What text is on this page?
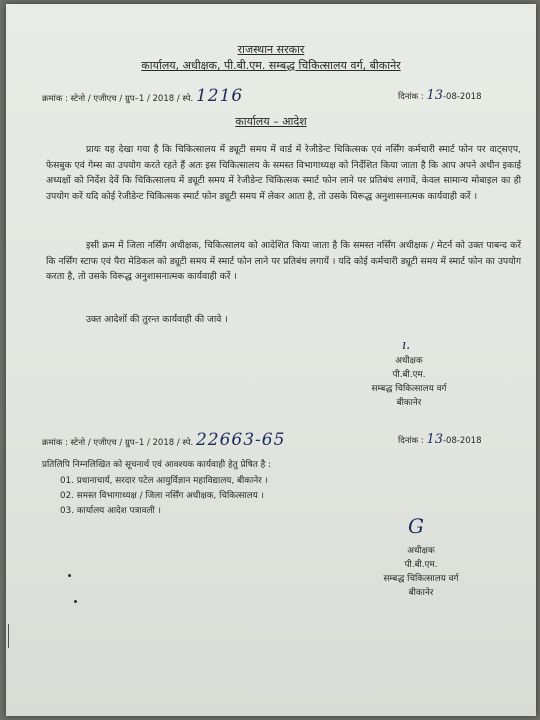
राजस्थान सरकार
कार्यालय, अधीक्षक, पी.बी.एम. सम्बद्ध चिकित्सालय वर्ग, बीकानेर
क्रमांक : स्टेनो / एजीएच / ग्रुप–1 / 2018 / स्पे. 1216	दिनांक : 13-08-2018
कार्यालय – आदेश

प्रायः यह देखा गया है कि चिकित्सालय में ड्यूटी समय में वार्ड में रेजीडेन्ट चिकित्सक एवं नर्सिंग कर्मचारी स्मार्ट फोन पर वाट्सएप, फेसबुक एवं गेम्स का उपयोग करते रहते हैं अतः इस चिकित्सालय के समस्त विभागाध्यक्ष को निर्देशित किया जाता है कि आप अपने अधीन इकाई अध्यक्षों को निर्देश देवें कि चिकित्सालय में ड्यूटी समय में रेजीडेन्ट चिकित्सक स्मार्ट फोन लाने पर प्रतिबंध लगावें, केवल सामान्य मोबाइल का ही उपयोग करें यदि कोई रेजीडेन्ट चिकित्सक स्मार्ट फोन ड्यूटी समय में लेकर आता है, तो उसके विरूद्ध अनुशासनात्मक कार्यवाही करें ।

इसी क्रम में जिला नर्सिंग अधीक्षक, चिकित्सालय को आदेशित किया जाता है कि समस्त नर्सिंग अधीक्षक / मेटर्न को उक्त पाबन्द करें कि नर्सिंग स्टाफ एवं पैरा मेडिकल को ड्यूटी समय में स्मार्ट फोन लाने पर प्रतिबंध लगायें । यदि कोई कर्मचारी ड्यूटी समय में स्मार्ट फोन का उपयोग करता है, तो उसके विरूद्ध अनुशासनात्मक कार्यवाही करें ।

उक्त आदेशों की तुरन्त कार्यवाही की जावे ।

ı.
अधीक्षक
पी.बी.एम.
सम्बद्ध चिकित्सालय वर्ग
बीकानेर
क्रमांक : स्टेनो / एजीएच / ग्रुप–1 / 2018 / स्पे. 22663-65	दिनांक : 13-08-2018
प्रतिलिपि निम्नलिखित को सूचनार्थ एवं आवश्यक कार्यवाही हेतु प्रेषित है :
01. प्रधानाचार्य, सरदार पटेल आयुर्विज्ञान महाविद्यालय, बीकानेर ।
02. समस्त विभागाध्यक्ष / जिला नर्सिंग अधीक्षक, चिकित्सालय ।
03. कार्यालय आदेश पत्रावली ।
G
अधीक्षक
पी.बी.एम.
सम्बद्ध चिकित्सालय वर्ग
बीकानेर
